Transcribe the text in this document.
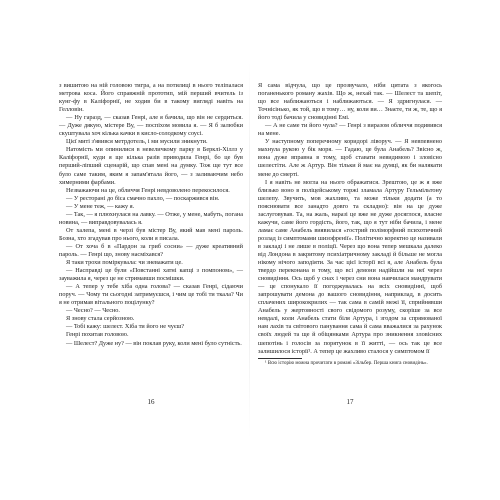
з вишитою на ній головою тигра, а на потилиці в нього теліпалася метрова коса. Його справжній прототип, мій перший вчитель із кунг-фу в Каліфорнії, не ходив би в такому вигляді навіть на Гелловін.

— Ну гаразд, — сказав Генрі, але я бачила, що він не сердиться. — Дуже дякую, містере Ву, — поспіхом мовила я. — Я б залюбки скуштувала хоч кілька качки в кисло-солодкому соусі.

Цієї миті з'явився метрдотель, і ми мусили зникнути.

Натомість ми опинилися в невеличкому парку в Берклі-Хіллз у Каліфорнії, куди я ще кілька разів приводила Генрі, бо це був перший-ліпший сценарій, що спав мені на думку. Тож ще тут все було саме таким, яким я запам'ятала його, — з заливаючим небо химерними фарбами.

Незважаючи на це, обличчя Генрі невдоволено перекосилося.

— У ресторані до біса смачно пахло, — поскаржився він.

— У мене теж, — кажу я.

— Так, — я плюхнулася на лавку. — Отже, у мене, мабуть, погана новина, — виправдовувалась я.

От халепа, мені в черзі був містер Ву, який мав мені пароль. Бозна, хто згадував про нього, коли я писала.

— От хоча б в «Пардон за гриб сосни» — дуже креативний пароль. — Генрі що, знову насміхався?

Я таки трохи поміркувала: чи зневажати це.

— Насправді це були «Повстанні хатні капці з помпоном», — зауважила я, через це не стримавши посмішки.

— А тепер у тебе хіба одна голова? — сказав Генрі, сідаючи поруч. — Чому ти сьогодні затримуєшся, і чим це тобі ти ткала? Чи я не отримав вітального поцілунку?

— Чесно? — Чесно.

Я знову стала серйозною.

— Тобі кажу: шелест. Хіба ти його не чуєш?

Генрі похитав головою.

— Шелест? Дуже ну? — він поклав руку, коли мені було сутність.

Я сама відчула, що це прозвучало, ніби цитата з якогось поганенького роману жахів. Що ж, нехай так. — Шелест та шепіт, що все наближаються і наближаються. — Я здригнулася. — Точнісінько, як той, що в тому… ну, коли ви… Знаєте, ти ж, те, що я його тоді бачила у сновидінні Емі.

— А не саме ти його чула? — Генрі з виразом обличчя подивився на мене.

У наступному поперечному коридорі ліворуч. — Я невпевнено махнула рукою у бік моря. — Гадаю, це була Анабель? Звісно ж, вона дуже вправна в тому, щоб ставати невидимою і зловісно шелестіти. Але ж Артур. Він тільки й має на думці, як би налякати мене до смерті.

І я навіть не могла на нього ображатися. Зрештою, це ж я вже близько воно в поліцейському торжі зламала Артуру Гельмільтону шелепу. Звучить, мов жахливо, та може тільки додати (а то пояснювати все занадто довго та складно): він на це дуже заслуговував. Та, на жаль, наразі це вже не дуже досяглося, власне кажучи, саме його гордість, його, так, що я тут ніби бачила, і мене ламає саме Анабель виявилася «гострий поліморфний психотичний розлад із симптомами шизофренії». Політично коректно це називали в закладі і не лише в поліції. Через що вона тепер мешкала далеко від Лондона в закритому психіатричному закладі й більше не могла нікому нічого заподіяти. За час цієї історії всі я, але Анабель була твердо переконана в тому, що всі демони надійшли на неї через сновидіння. Ось щоб у снах і через сни вона навчилася мандрувати — це спонукало її погоджувалась на всіх сновидінні, щоб запрошувати демона до вашого сновидіння, наприклад, в досить сплачених ширококрилих — так сама в самій межі її, сприйнявши Анабель у жертовності свого свідомого розуму, скоріше за все невдалі, коли Анабель стати біля Артура, і згодом за спрямованої нам лахів та світового панування сама й сама вважалися за рахунок своїх людей та ще й обіцянками Артура про зникнення зловісних шепотінь і голосів за порятунок в її житті, — ось так це все залишилося історії¹. А тепер це жахливо сталося у симптомом її

¹ Всю історію можна прочитати в романі «Зільбер. Перша книга сновидінь».

16	17
